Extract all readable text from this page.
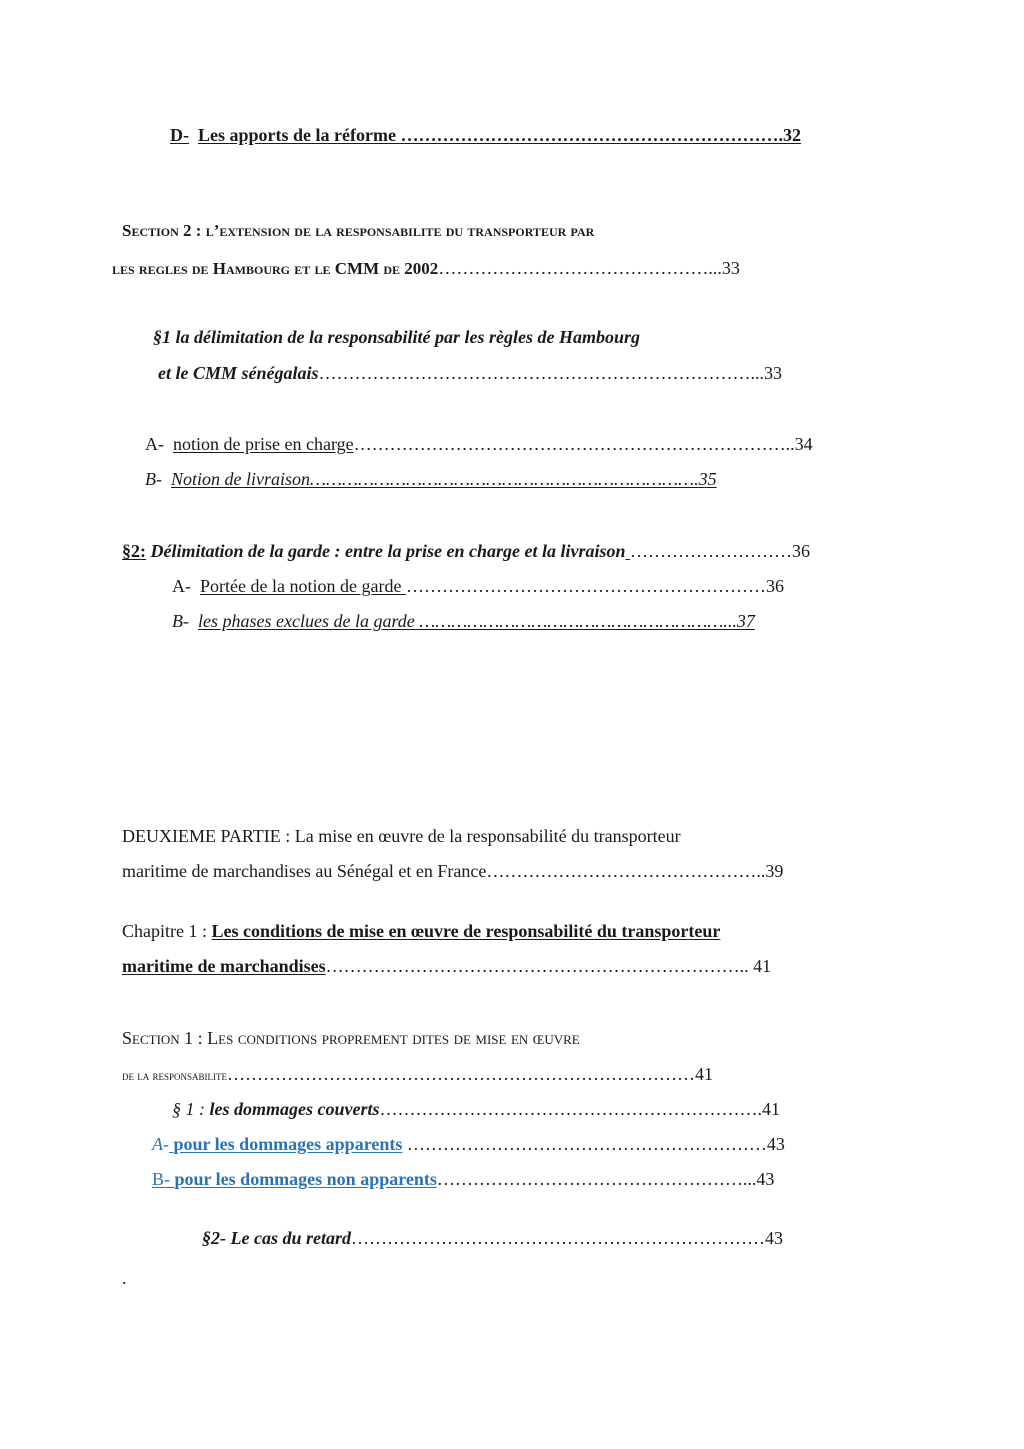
D- Les apports de la réforme ……………………………………………………….32
Section 2 : l’extension de la responsabilite du transporteur par
les regles de Hambourg et le CMM de 2002………………………………………...33
§1 la délimitation de la responsabilité par les règles de Hambourg
et le CMM sénégalais………………………………………………………………...33
A- notion de prise en charge………………………………………………………………..34
B- Notion de livraison……………………………………………………………….35
§2: Délimitation de la garde : entre la prise en charge et la livraison ………………………36
A- Portée de la notion de garde ……………………………………………………36
B- les phases exclues de la garde …………………………………………………...37
DEUXIEME PARTIE : La mise en œuvre de la responsabilité du transporteur
maritime de marchandises au Sénégal et en France………………………………………..39
Chapitre 1 : Les conditions de mise en œuvre de responsabilité du transporteur
maritime de marchandises…………………………………………………………….. 41
Section 1 : Les conditions proprement dites de mise en œuvre
de la responsabilite……………………………………………………………………41
§ 1 : les dommages couverts……………………………………………………….41
A- pour les dommages apparents ……………………………………………………43
B- pour les dommages non apparents……………………………………………...43
§2- Le cas du retard……………………………………………………………43
.
